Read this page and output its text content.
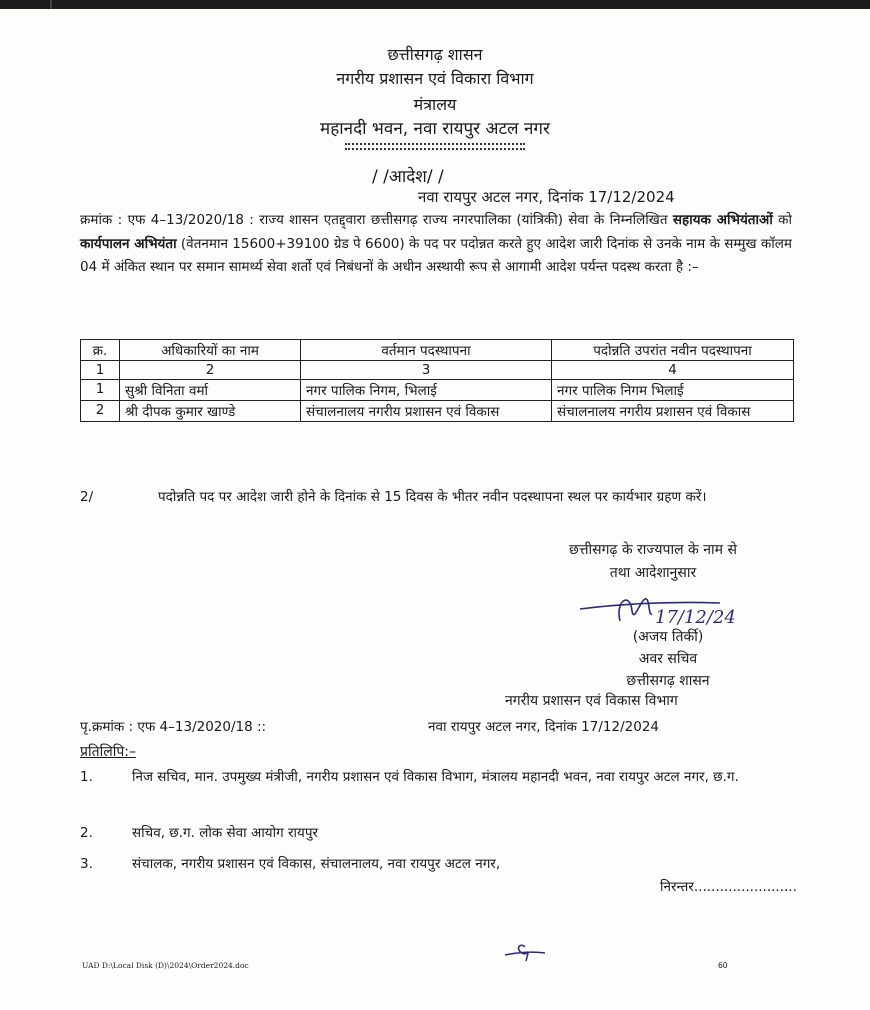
छत्तीसगढ़ शासन
नगरीय प्रशासन एवं विकारा विभाग
मंत्रालय
महानदी भवन, नवा रायपुर अटल नगर
/ /आदेश/ /
नवा रायपुर अटल नगर, दिनांक 17/12/2024
क्रमांक : एफ 4–13/2020/18 : राज्य शासन एतद्द्वारा छत्तीसगढ़ राज्य नगरपालिका (यांत्रिकी) सेवा के निम्नलिखित सहायक अभियंताओं को कार्यपालन अभियंता (वेतनमान 15600+39100 ग्रेड पे 6600) के पद पर पदोन्नत करते हुए आदेश जारी दिनांक से उनके नाम के सम्मुख कॉलम 04 में अंकित स्थान पर समान सामर्थ्य सेवा शर्तो एवं निबंधनों के अधीन अस्थायी रूप से आगामी आदेश पर्यन्त पदस्थ करता है :–
क्र.	अधिकारियों का नाम	वर्तमान पदस्थापना	पदोन्नति उपरांत नवीन पदस्थापना
1	2	3	4
1	सुश्री विनिता वर्मा	नगर पालिक निगम, भिलाई	नगर पालिक निगम भिलाई
2	श्री दीपक कुमार खाण्डे	संचालनालय नगरीय प्रशासन एवं विकास	संचालनालय नगरीय प्रशासन एवं विकास
2/	पदोन्नति पद पर आदेश जारी होने के दिनांक से 15 दिवस के भीतर नवीन पदस्थापना स्थल पर कार्यभार ग्रहण करें।
छत्तीसगढ़ के राज्यपाल के नाम से
तथा आदेशानुसार
17/12/24
(अजय तिर्की)
अवर सचिव
छत्तीसगढ़ शासन
नगरीय प्रशासन एवं विकास विभाग
पृ.क्रमांक : एफ 4–13/2020/18 ::	नवा रायपुर अटल नगर, दिनांक 17/12/2024
प्रतिलिपि:–
1.	निज सचिव, मान. उपमुख्य मंत्रीजी, नगरीय प्रशासन एवं विकास विभाग, मंत्रालय महानदी भवन, नवा रायपुर अटल नगर, छ.ग.
2.	सचिव, छ.ग. लोक सेवा आयोग रायपुर
3.	संचालक, नगरीय प्रशासन एवं विकास, संचालनालय, नवा रायपुर अटल नगर,
निरन्तर........................
UAD D:\Local Disk (D)\2024\Order2024.doc	60
